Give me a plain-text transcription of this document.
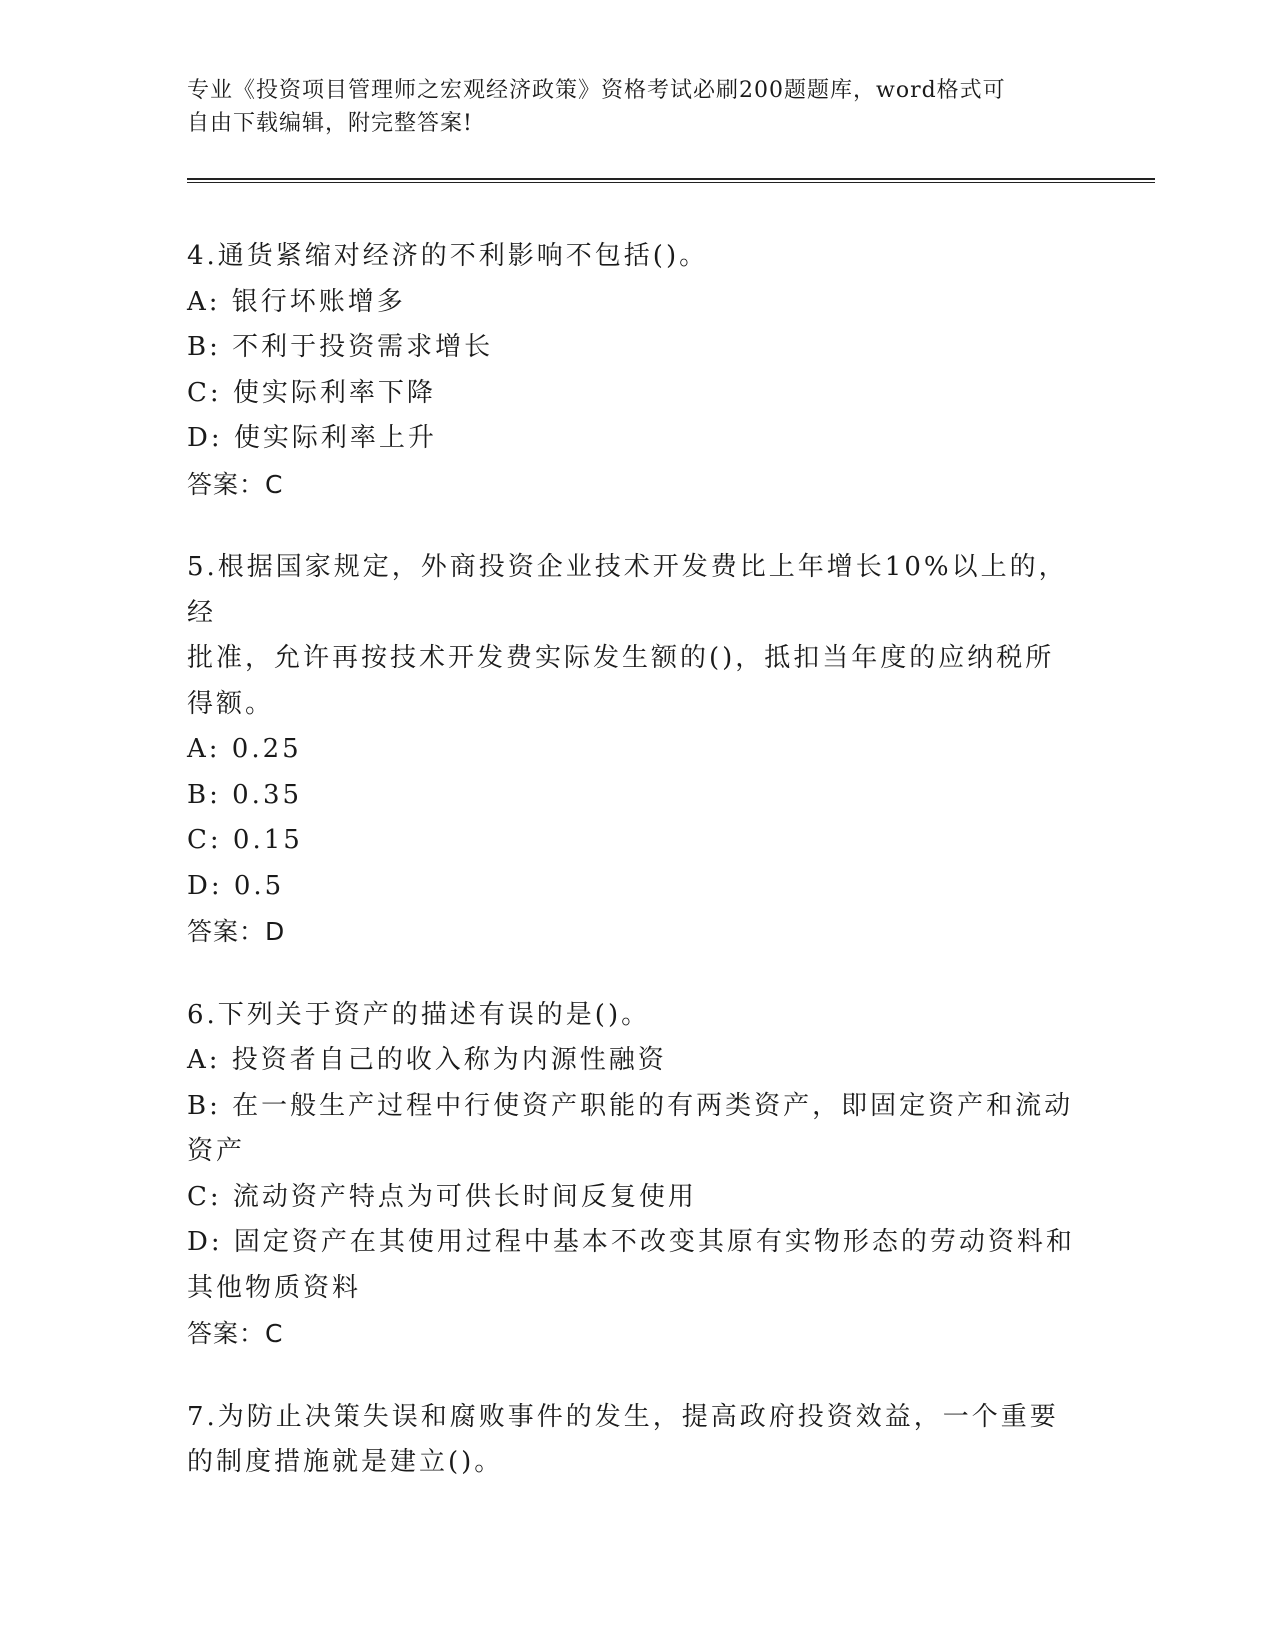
专业《投资项目管理师之宏观经济政策》资格考试必刷200题题库，word格式可
自由下载编辑，附完整答案!
4.通货紧缩对经济的不利影响不包括()。
A: 银行坏账增多
B: 不利于投资需求增长
C: 使实际利率下降
D: 使实际利率上升
答案：C
5.根据国家规定，外商投资企业技术开发费比上年增长10%以上的，经
批准，允许再按技术开发费实际发生额的()，抵扣当年度的应纳税所
得额。
A: 0.25
B: 0.35
C: 0.15
D: 0.5
答案：D
6.下列关于资产的描述有误的是()。
A: 投资者自己的收入称为内源性融资
B: 在一般生产过程中行使资产职能的有两类资产，即固定资产和流动
资产
C: 流动资产特点为可供长时间反复使用
D: 固定资产在其使用过程中基本不改变其原有实物形态的劳动资料和
其他物质资料
答案：C
7.为防止决策失误和腐败事件的发生，提高政府投资效益，一个重要
的制度措施就是建立()。
